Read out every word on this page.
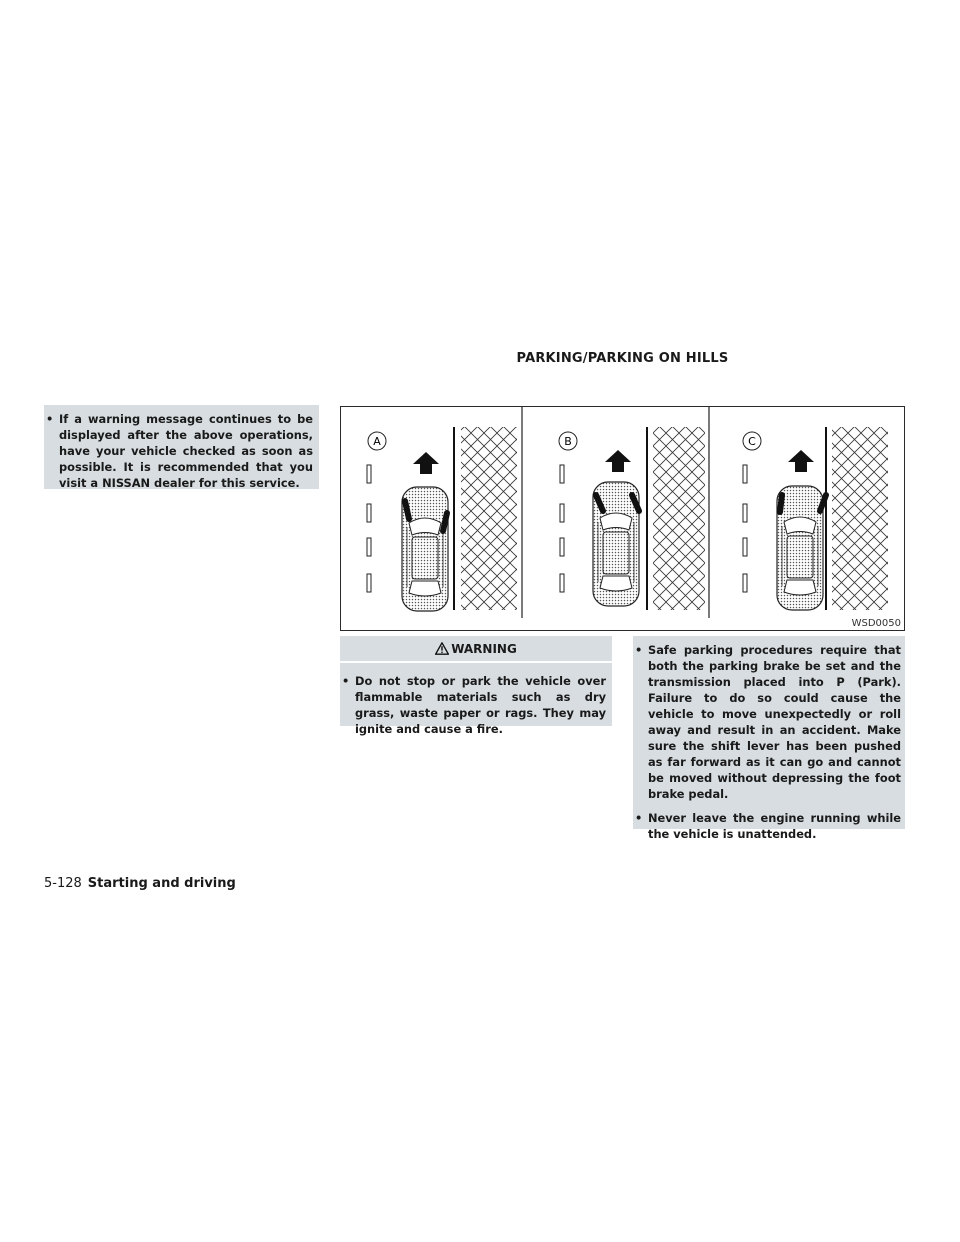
PARKING/PARKING ON HILLS
• If a warning message continues to be displayed after the above operations, have your vehicle checked as soon as possible. It is recommended that you visit a NISSAN dealer for this service.
A	B	C
WSD0050
WARNING
• Do not stop or park the vehicle over flammable materials such as dry grass, waste paper or rags. They may ignite and cause a fire.
• Safe parking procedures require that both the parking brake be set and the transmission placed into P (Park). Failure to do so could cause the vehicle to move unexpectedly or roll away and result in an accident. Make sure the shift lever has been pushed as far forward as it can go and cannot be moved without depressing the foot brake pedal.
• Never leave the engine running while the vehicle is unattended.
5-128 Starting and driving
